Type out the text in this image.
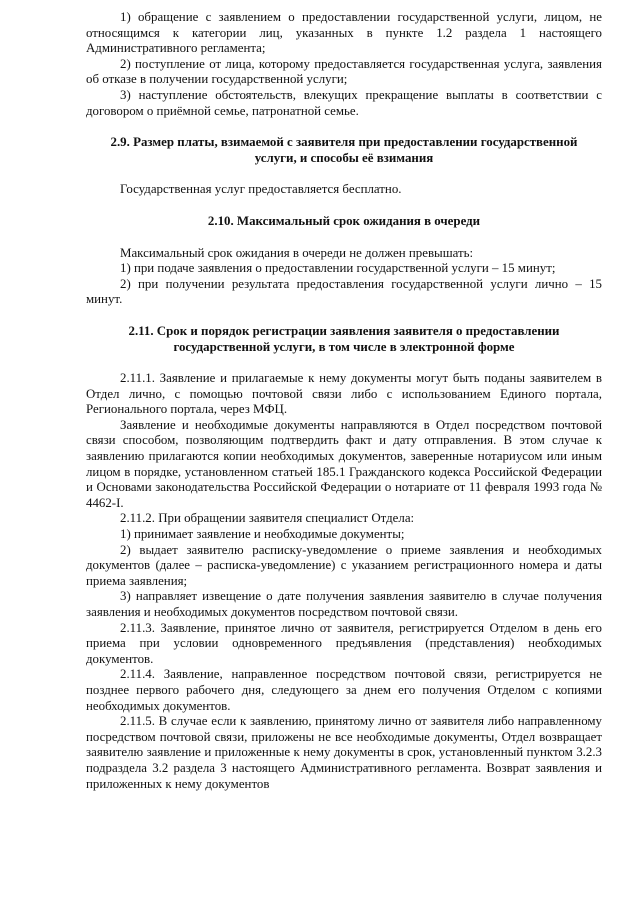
1) обращение с заявлением о предоставлении государственной услуги, лицом, не относящимся к категории лиц, указанных в пункте 1.2 раздела 1 настоящего Административного регламента;

2) поступление от лица, которому предоставляется государственная услуга, заявления об отказе в получении государственной услуги;

3) наступление обстоятельств, влекущих прекращение выплаты в соответствии с договором о приёмной семье, патронатной семье.

2.9. Размер платы, взимаемой с заявителя при предоставлении государственной услуги, и способы её взимания

Государственная услуг предоставляется бесплатно.

2.10. Максимальный срок ожидания в очереди

Максимальный срок ожидания в очереди не должен превышать:

1) при подаче заявления о предоставлении государственной услуги – 15 минут;

2) при получении результата предоставления государственной услуги лично – 15 минут.

2.11. Срок и порядок регистрации заявления заявителя о предоставлении государственной услуги, в том числе в электронной форме

2.11.1. Заявление и прилагаемые к нему документы могут быть поданы заявителем в Отдел лично, с помощью почтовой связи либо с использованием Единого портала, Регионального портала, через МФЦ.

Заявление и необходимые документы направляются в Отдел посредством почтовой связи способом, позволяющим подтвердить факт и дату отправления. В этом случае к заявлению прилагаются копии необходимых документов, заверенные нотариусом или иным лицом в порядке, установленном статьей 185.1 Гражданского кодекса Российской Федерации и Основами законодательства Российской Федерации о нотариате от 11 февраля 1993 года № 4462-I.

2.11.2. При обращении заявителя специалист Отдела:

1) принимает заявление и необходимые документы;

2) выдает заявителю расписку-уведомление о приеме заявления и необходимых документов (далее – расписка-уведомление) с указанием регистрационного номера и даты приема заявления;

3) направляет извещение о дате получения заявления заявителю в случае получения заявления и необходимых документов посредством почтовой связи.

2.11.3. Заявление, принятое лично от заявителя, регистрируется Отделом в день его приема при условии одновременного предъявления (представления) необходимых документов.

2.11.4. Заявление, направленное посредством почтовой связи, регистрируется не позднее первого рабочего дня, следующего за днем его получения Отделом с копиями необходимых документов.

2.11.5. В случае если к заявлению, принятому лично от заявителя либо направленному посредством почтовой связи, приложены не все необходимые документы, Отдел возвращает заявителю заявление и приложенные к нему документы в срок, установленный пунктом 3.2.3 подраздела 3.2 раздела 3 настоящего Административного регламента. Возврат заявления и приложенных к нему документов
